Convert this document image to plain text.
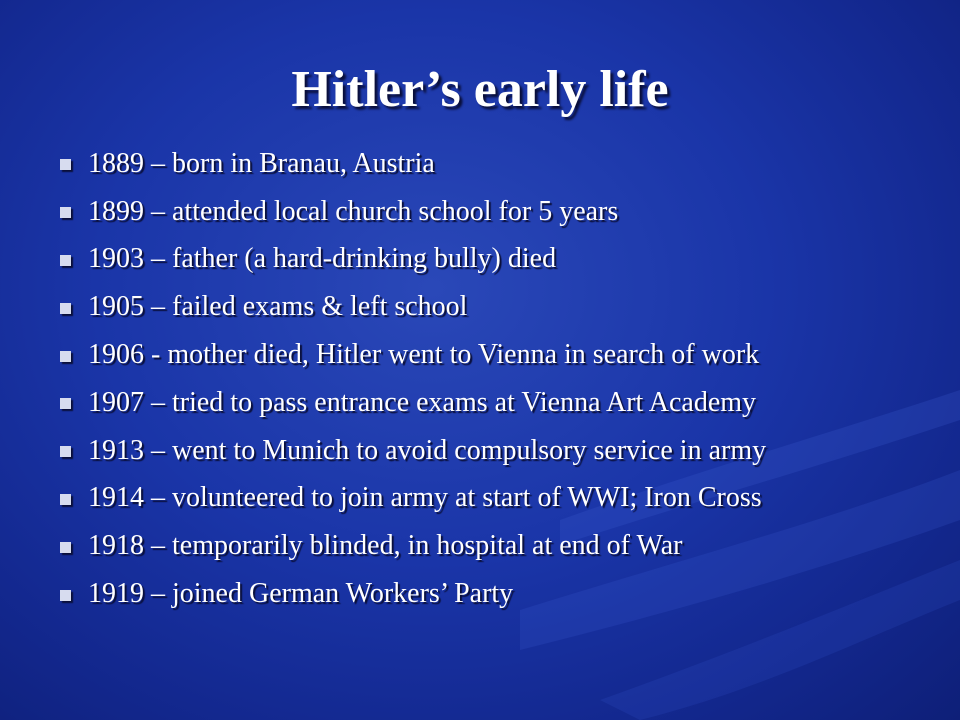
Hitler’s early life
1889 – born in Branau, Austria
1899 – attended local church school for 5 years
1903 – father (a hard-drinking bully) died
1905 – failed exams & left school
1906 - mother died, Hitler went to Vienna in search of work
1907 – tried to pass entrance exams at Vienna Art Academy
1913 – went to Munich to avoid compulsory service in army
1914 – volunteered to join army at start of WWI; Iron Cross
1918 – temporarily blinded, in hospital at end of War
1919 – joined German Workers’ Party
